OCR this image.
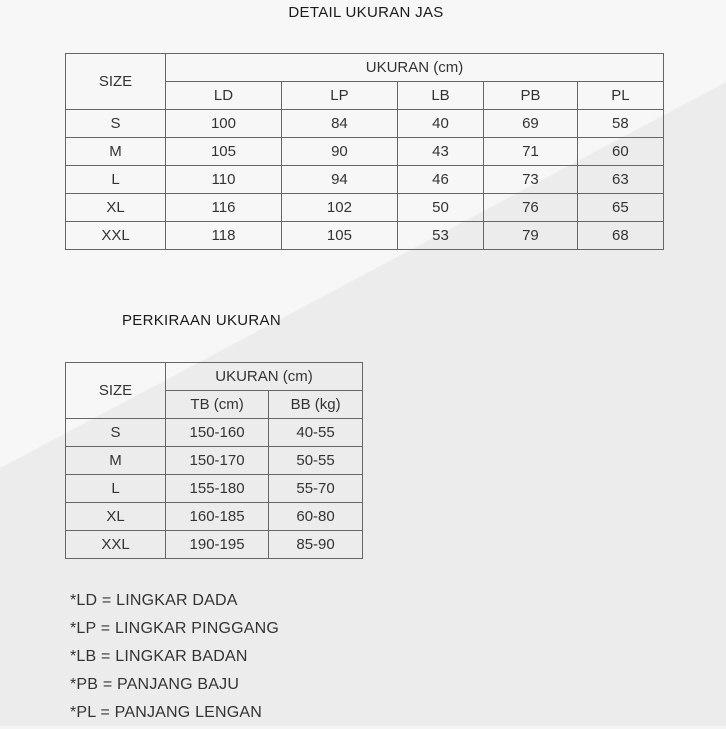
DETAIL UKURAN JAS
SIZE	UKURAN (cm)				
	LD	LP	LB	PB	PL
S	100	84	40	69	58
M	105	90	43	71	60
L	110	94	46	73	63
XL	116	102	50	76	65
XXL	118	105	53	79	68
PERKIRAAN UKURAN
SIZE	UKURAN (cm)	
	TB (cm)	BB (kg)
S	150-160	40-55
M	150-170	50-55
L	155-180	55-70
XL	160-185	60-80
XXL	190-195	85-90
*LD = LINGKAR DADA
*LP = LINGKAR PINGGANG
*LB = LINGKAR BADAN
*PB = PANJANG BAJU
*PL = PANJANG LENGAN
